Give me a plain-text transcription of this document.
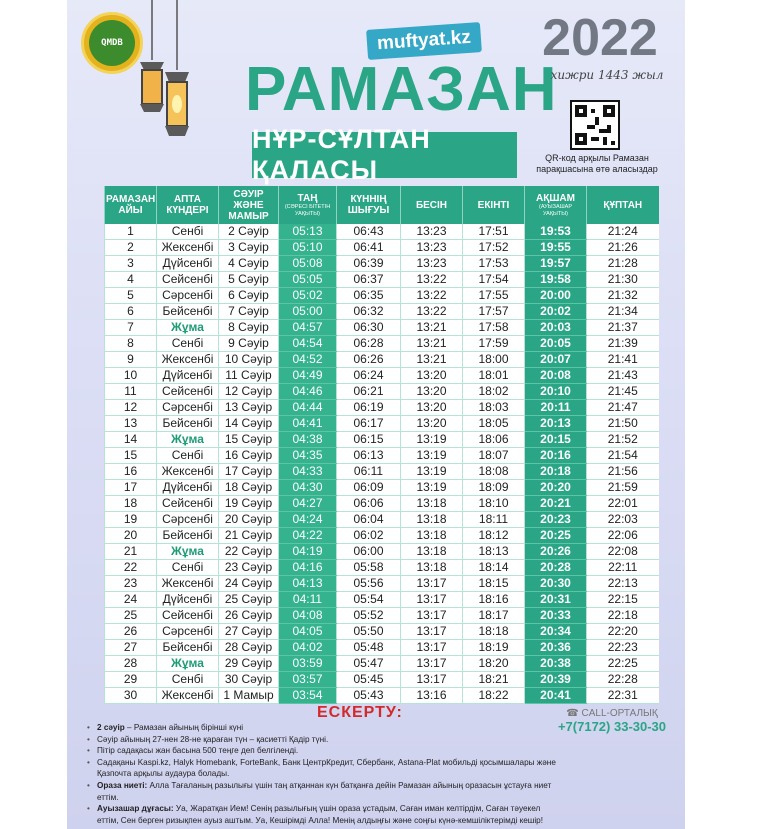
QMDB	muftyat.kz
РАМАЗАН
НҰР-СҰЛТАН ҚАЛАСЫ
2022
хижри 1443 жыл
QR-код арқылы Рамазан парақшасына өтө аласыздар
РАМАЗАН АЙЫ	АПТА КҮНДЕРІ	СӘУІР ЖӘНЕ МАМЫР	ТАҢ
(СӘРЕСІ БІТЕТІН УАҚЫТЫ)	КҮННІҢ ШЫҒУЫ	БЕСІН	ЕКІНТІ	АҚШАМ
(АУЫЗАШАР УАҚЫТЫ)	ҚҰПТАН
1	Сенбі	2 Сәуір	05:13	06:43	13:23	17:51	19:53	21:24
2	Жексенбі	3 Сәуір	05:10	06:41	13:23	17:52	19:55	21:26
3	Дүйсенбі	4 Сәуір	05:08	06:39	13:23	17:53	19:57	21:28
4	Сейсенбі	5 Сәуір	05:05	06:37	13:22	17:54	19:58	21:30
5	Сәрсенбі	6 Сәуір	05:02	06:35	13:22	17:55	20:00	21:32
6	Бейсенбі	7 Сәуір	05:00	06:32	13:22	17:57	20:02	21:34
7	Жұма	8 Сәуір	04:57	06:30	13:21	17:58	20:03	21:37
8	Сенбі	9 Сәуір	04:54	06:28	13:21	17:59	20:05	21:39
9	Жексенбі	10 Сәуір	04:52	06:26	13:21	18:00	20:07	21:41
10	Дүйсенбі	11 Сәуір	04:49	06:24	13:20	18:01	20:08	21:43
11	Сейсенбі	12 Сәуір	04:46	06:21	13:20	18:02	20:10	21:45
12	Сәрсенбі	13 Сәуір	04:44	06:19	13:20	18:03	20:11	21:47
13	Бейсенбі	14 Сәуір	04:41	06:17	13:20	18:05	20:13	21:50
14	Жұма	15 Сәуір	04:38	06:15	13:19	18:06	20:15	21:52
15	Сенбі	16 Сәуір	04:35	06:13	13:19	18:07	20:16	21:54
16	Жексенбі	17 Сәуір	04:33	06:11	13:19	18:08	20:18	21:56
17	Дүйсенбі	18 Сәуір	04:30	06:09	13:19	18:09	20:20	21:59
18	Сейсенбі	19 Сәуір	04:27	06:06	13:18	18:10	20:21	22:01
19	Сәрсенбі	20 Сәуір	04:24	06:04	13:18	18:11	20:23	22:03
20	Бейсенбі	21 Сәуір	04:22	06:02	13:18	18:12	20:25	22:06
21	Жұма	22 Сәуір	04:19	06:00	13:18	18:13	20:26	22:08
22	Сенбі	23 Сәуір	04:16	05:58	13:18	18:14	20:28	22:11
23	Жексенбі	24 Сәуір	04:13	05:56	13:17	18:15	20:30	22:13
24	Дүйсенбі	25 Сәуір	04:11	05:54	13:17	18:16	20:31	22:15
25	Сейсенбі	26 Сәуір	04:08	05:52	13:17	18:17	20:33	22:18
26	Сәрсенбі	27 Сәуір	04:05	05:50	13:17	18:18	20:34	22:20
27	Бейсенбі	28 Сәуір	04:02	05:48	13:17	18:19	20:36	22:23
28	Жұма	29 Сәуір	03:59	05:47	13:17	18:20	20:38	22:25
29	Сенбі	30 Сәуір	03:57	05:45	13:17	18:21	20:39	22:28
30	Жексенбі	1 Мамыр	03:54	05:43	13:16	18:22	20:41	22:31
ЕСКЕРТУ:	☎ CALL-ОРТАЛЫҚ
+7(7172) 33-30-30
• 2 сәуір – Рамазан айының бірінші күні
• Сәуір айының 27-нен 28-не қараған түн – қасиетті Қадір түні.
• Пітір садақасы жан басына 500 теңге деп белгіленді.
• Садақаны Kaspi.kz, Halyk Homebank, ForteBank, Банк ЦентрКредит, Сбербанк, Astana-Plat мобильді қосымшалары және Қазпочта арқылы аудаура болады.
• Ораза ниеті: Алла Тағаланың разылығы үшін таң атқаннан күн батқанға дейін Рамазан айының оразасын ұстауға ниет еттім.
• Ауызашар дұғасы: Уа, Жаратқан Ием! Сенің разылығың үшін ораза ұстадым, Саған иман келтірдім, Саған тәуекел еттім, Сен берген ризықпен ауыз аштым. Уа, Кешірімді Алла! Менің алдыңғы және соңғы күнә-кемшіліктерімді кешір!
